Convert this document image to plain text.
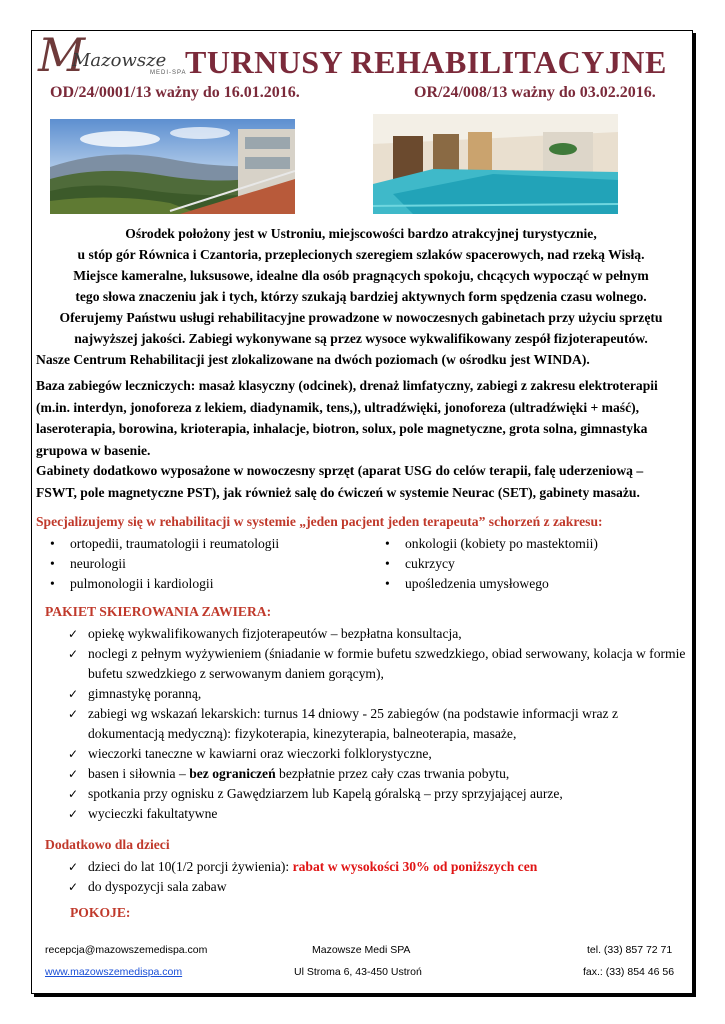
M
Mazowsze
MEDI-SPA
TURNUSY REHABILITACYJNE
OD/24/0001/13 ważny do 16.01.2016.	OR/24/008/13 ważny do 03.02.2016.
Ośrodek położony jest w Ustroniu, miejscowości bardzo atrakcyjnej turystycznie,
u stóp gór Równica i Czantoria, przeplecionych szeregiem szlaków spacerowych, nad rzeką Wisłą.
Miejsce kameralne, luksusowe, idealne dla osób pragnących spokoju, chcących wypocząć w pełnym
tego słowa znaczeniu jak i tych, którzy szukają bardziej aktywnych form spędzenia czasu wolnego.
Oferujemy Państwu usługi rehabilitacyjne prowadzone w nowoczesnych gabinetach przy użyciu sprzętu
najwyższej jakości. Zabiegi wykonywane są przez wysoce wykwalifikowany zespół fizjoterapeutów.
Nasze Centrum Rehabilitacji jest zlokalizowane na dwóch poziomach (w ośrodku jest WINDA).
Baza zabiegów leczniczych: masaż klasyczny (odcinek), drenaż limfatyczny, zabiegi z zakresu elektroterapii (m.in. interdyn, jonoforeza z lekiem, diadynamik, tens,), ultradźwięki, jonoforeza (ultradźwięki + maść), laseroterapia, borowina, krioterapia, inhalacje, biotron, solux, pole magnetyczne, grota solna, gimnastyka grupowa w basenie.
Gabinety dodatkowo wyposażone w nowoczesny sprzęt (aparat USG do celów terapii, falę uderzeniową – FSWT, pole magnetyczne PST), jak również salę do ćwiczeń w systemie Neurac (SET), gabinety masażu.
Specjalizujemy się w rehabilitacji w systemie „jeden pacjent jeden terapeuta” schorzeń z zakresu:
• ortopedii, traumatologii i reumatologii
• neurologii
• pulmonologii i kardiologii
• onkologii (kobiety po mastektomii)
• cukrzycy
• upośledzenia umysłowego
PAKIET SKIEROWANIA ZAWIERA:
✓ opiekę wykwalifikowanych fizjoterapeutów – bezpłatna konsultacja,
✓ noclegi z pełnym wyżywieniem (śniadanie w formie bufetu szwedzkiego, obiad serwowany, kolacja w formie bufetu szwedzkiego z serwowanym daniem gorącym),
✓ gimnastykę poranną,
✓ zabiegi wg wskazań lekarskich: turnus 14 dniowy - 25 zabiegów (na podstawie informacji wraz z dokumentacją medyczną): fizykoterapia, kinezyterapia, balneoterapia, masaże,
✓ wieczorki taneczne w kawiarni oraz wieczorki folklorystyczne,
✓ basen i siłownia – bez ograniczeń bezpłatnie przez cały czas trwania pobytu,
✓ spotkania przy ognisku z Gawędziarzem lub Kapelą góralską – przy sprzyjającej aurze,
✓ wycieczki fakultatywne
Dodatkowo dla dzieci
✓ dzieci do lat 10(1/2 porcji żywienia): rabat w wysokości 30% od poniższych cen
✓ do dyspozycji sala zabaw
POKOJE:
recepcja@mazowszemedispa.com
www.mazowszemedispa.com
Mazowsze Medi SPA
Ul Stroma 6, 43-450 Ustroń
tel. (33) 857 72 71
fax.: (33) 854 46 56
